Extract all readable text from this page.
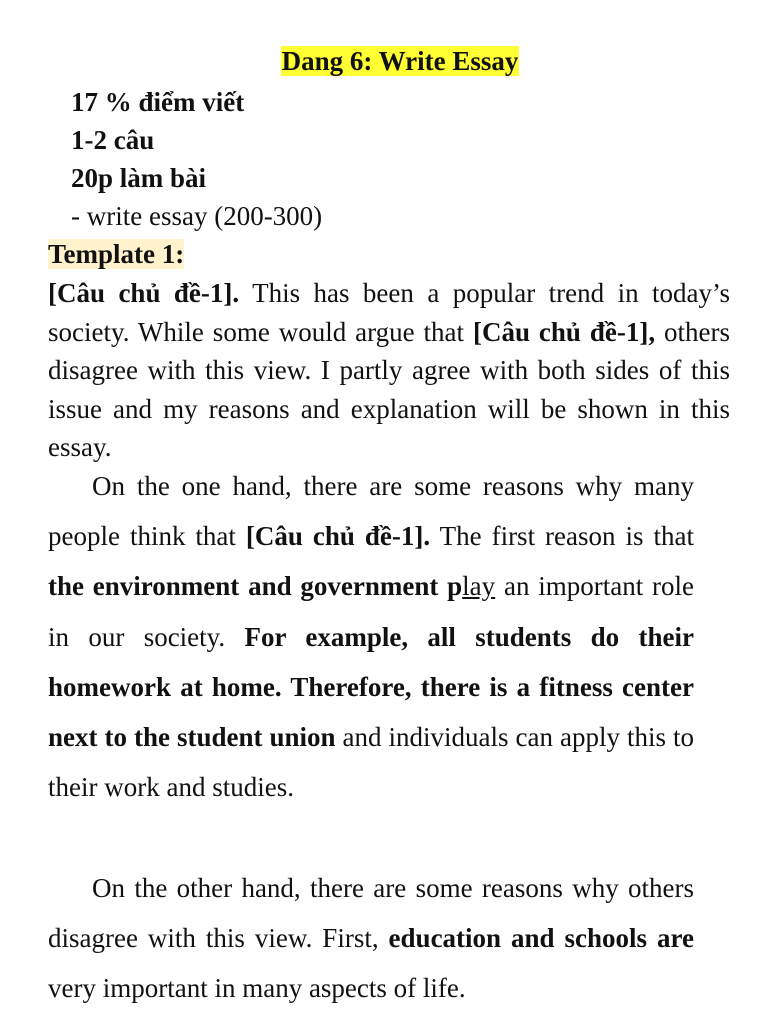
Dang 6: Write Essay
17 % điểm viết
1-2 câu
20p làm bài
- write essay (200-300)
Template 1:
[Câu chủ đề-1]. This has been a popular trend in today’s society. While some would argue that [Câu chủ đề-1], others disagree with this view. I partly agree with both sides of this issue and my reasons and explanation will be shown in this essay.
On the one hand, there are some reasons why many people think that [Câu chủ đề-1]. The first reason is that the environment and government play an important role in our society. For example, all students do their homework at home. Therefore, there is a fitness center next to the student union and individuals can apply this to their work and studies.
On the other hand, there are some reasons why others disagree with this view. First, education and schools are very important in many aspects of life.
